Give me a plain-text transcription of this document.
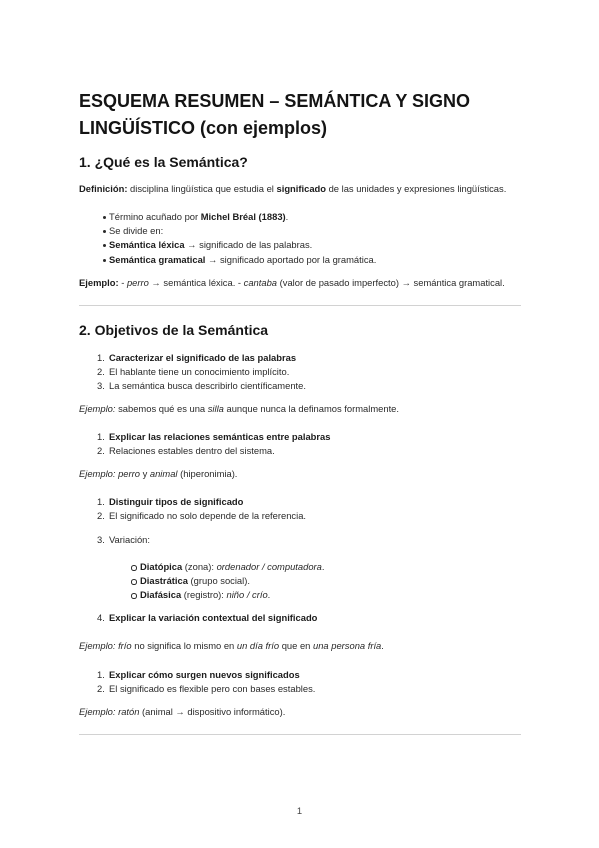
ESQUEMA RESUMEN – SEMÁNTICA Y SIGNO LINGÜÍSTICO (con ejemplos)
1. ¿Qué es la Semántica?

Definición: disciplina lingüística que estudia el significado de las unidades y expresiones lingüísticas.

Término acuñado por Michel Bréal (1883).
Se divide en:
Semántica léxica → significado de las palabras.
Semántica gramatical → significado aportado por la gramática.

Ejemplo: - perro → semántica léxica. - cantaba (valor de pasado imperfecto) → semántica gramatical.

2. Objetivos de la Semántica
1. Caracterizar el significado de las palabras
2. El hablante tiene un conocimiento implícito.
3. La semántica busca describirlo científicamente.

Ejemplo: sabemos qué es una silla aunque nunca la definamos formalmente.

1. Explicar las relaciones semánticas entre palabras
2. Relaciones estables dentro del sistema.

Ejemplo: perro y animal (hiperonimia).

1. Distinguir tipos de significado
2. El significado no solo depende de la referencia.
3. Variación:
Diatópica (zona): ordenador / computadora.
Diastrática (grupo social).
Diafásica (registro): niño / crío.
4. Explicar la variación contextual del significado

Ejemplo: frío no significa lo mismo en un día frío que en una persona fría.

1. Explicar cómo surgen nuevos significados
2. El significado es flexible pero con bases estables.

Ejemplo: ratón (animal → dispositivo informático).

1
